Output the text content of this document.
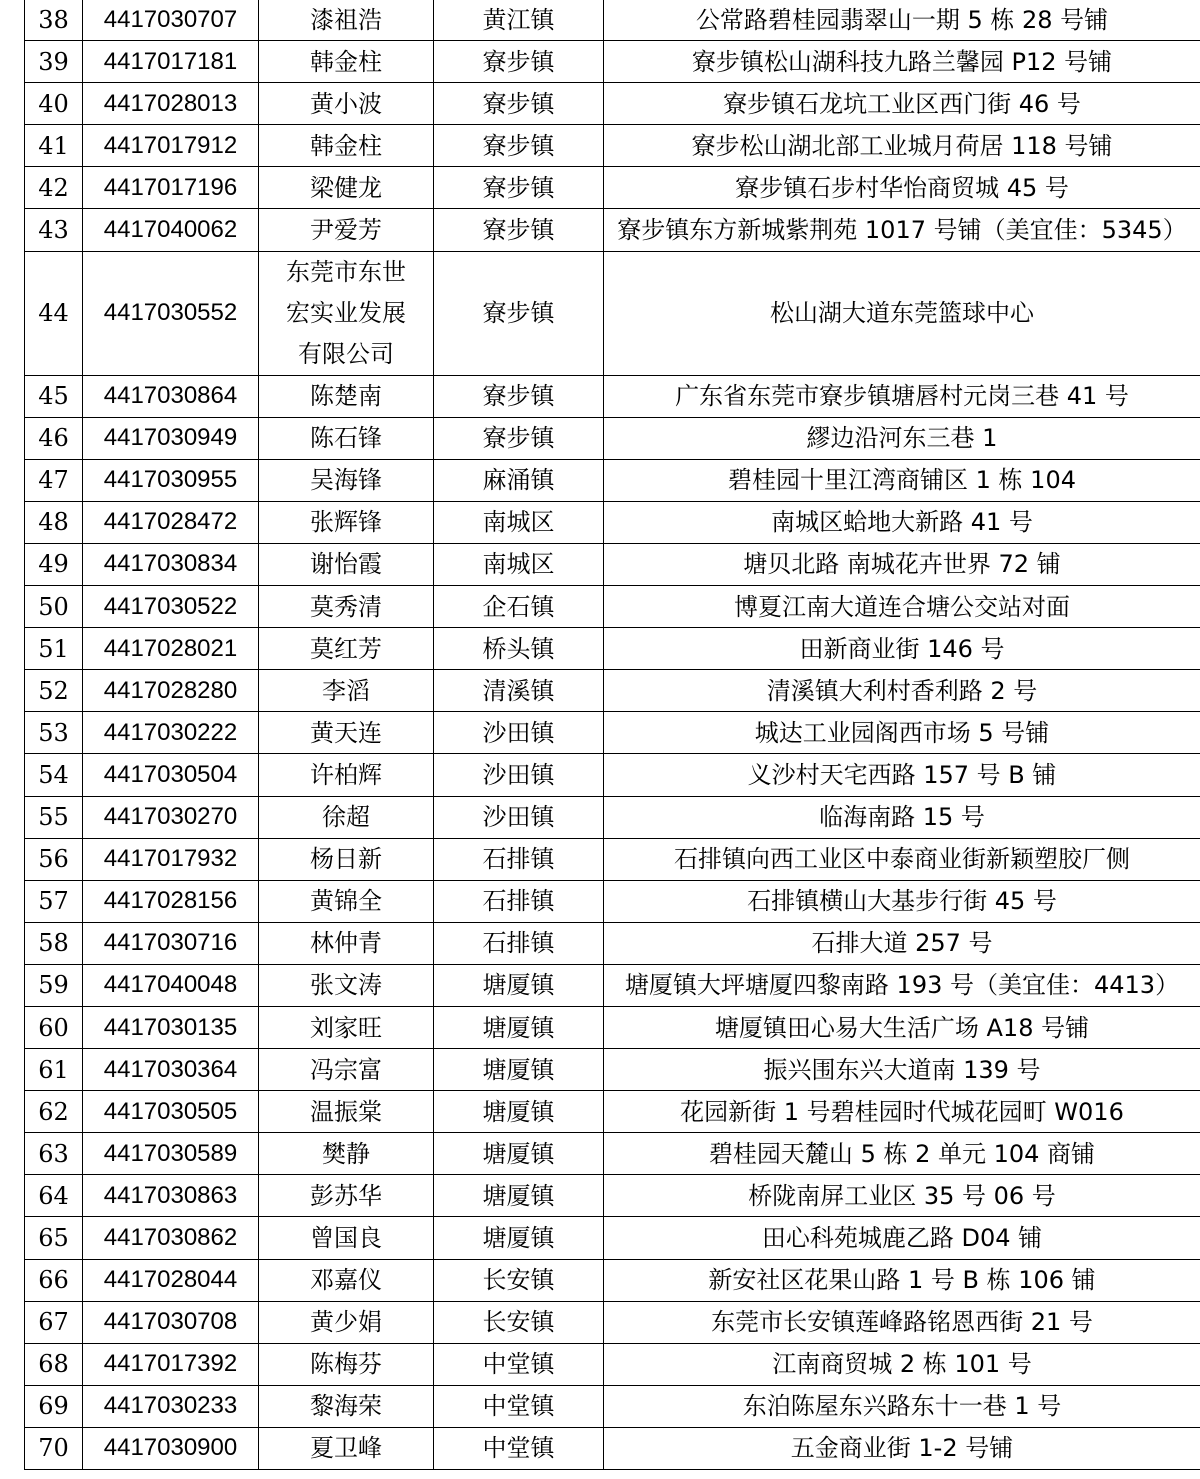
38	4417030707	漆祖浩	黄江镇	公常路碧桂园翡翠山一期 5 栋 28 号铺
39	4417017181	韩金柱	寮步镇	寮步镇松山湖科技九路兰馨园 P12 号铺
40	4417028013	黄小波	寮步镇	寮步镇石龙坑工业区西门街 46 号
41	4417017912	韩金柱	寮步镇	寮步松山湖北部工业城月荷居 118 号铺
42	4417017196	梁健龙	寮步镇	寮步镇石步村华怡商贸城 45 号
43	4417040062	尹爱芳	寮步镇	寮步镇东方新城紫荆苑 1017 号铺（美宜佳：5345）
44	4417030552	东莞市东世宏实业发展有限公司	寮步镇	松山湖大道东莞篮球中心
45	4417030864	陈楚南	寮步镇	广东省东莞市寮步镇塘唇村元岗三巷 41 号
46	4417030949	陈石锋	寮步镇	繆边沿河东三巷 1
47	4417030955	吴海锋	麻涌镇	碧桂园十里江湾商铺区 1 栋 104
48	4417028472	张辉锋	南城区	南城区蛤地大新路 41 号
49	4417030834	谢怡霞	南城区	塘贝北路 南城花卉世界 72 铺
50	4417030522	莫秀清	企石镇	博夏江南大道连合塘公交站对面
51	4417028021	莫红芳	桥头镇	田新商业街 146 号
52	4417028280	李滔	清溪镇	清溪镇大利村香利路 2 号
53	4417030222	黄天连	沙田镇	城达工业园阁西市场 5 号铺
54	4417030504	许柏辉	沙田镇	义沙村天宅西路 157 号 B 铺
55	4417030270	徐超	沙田镇	临海南路 15 号
56	4417017932	杨日新	石排镇	石排镇向西工业区中泰商业街新颖塑胶厂侧
57	4417028156	黄锦全	石排镇	石排镇横山大基步行街 45 号
58	4417030716	林仲青	石排镇	石排大道 257 号
59	4417040048	张文涛	塘厦镇	塘厦镇大坪塘厦四黎南路 193 号（美宜佳：4413）
60	4417030135	刘家旺	塘厦镇	塘厦镇田心易大生活广场 A18 号铺
61	4417030364	冯宗富	塘厦镇	振兴围东兴大道南 139 号
62	4417030505	温振棠	塘厦镇	花园新街 1 号碧桂园时代城花园町 W016
63	4417030589	樊静	塘厦镇	碧桂园天麓山 5 栋 2 单元 104 商铺
64	4417030863	彭苏华	塘厦镇	桥陇南屏工业区 35 号 06 号
65	4417030862	曾国良	塘厦镇	田心科苑城鹿乙路 D04 铺
66	4417028044	邓嘉仪	长安镇	新安社区花果山路 1 号 B 栋 106 铺
67	4417030708	黄少娟	长安镇	东莞市长安镇莲峰路铭恩西街 21 号
68	4417017392	陈梅芬	中堂镇	江南商贸城 2 栋 101 号
69	4417030233	黎海荣	中堂镇	东泊陈屋东兴路东十一巷 1 号
70	4417030900	夏卫峰	中堂镇	五金商业街 1-2 号铺
